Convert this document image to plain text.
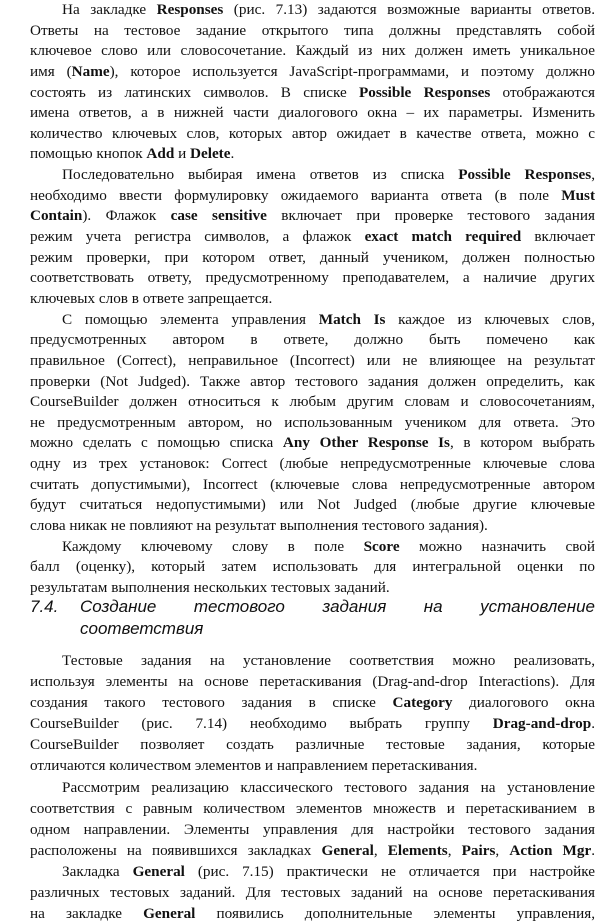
На закладке Responses (рис. 7.13) задаются возможные варианты ответов.
Ответы на тестовое задание открытого типа должны представлять собой
ключевое слово или словосочетание. Каждый из них должен иметь уникальное
имя (Name), которое используется JavaScript-программами, и поэтому должно
состоять из латинских символов. В списке Possible Responses отображаются
имена ответов, а в нижней части диалогового окна – их параметры. Изменить
количество ключевых слов, которых автор ожидает в качестве ответа, можно с
помощью кнопок Add и Delete.
Последовательно выбирая имена ответов из списка Possible Responses,
необходимо ввести формулировку ожидаемого варианта ответа (в поле Must
Contain). Флажок case sensitive включает при проверке тестового задания
режим учета регистра символов, а флажок exact match required включает
режим проверки, при котором ответ, данный учеником, должен полностью
соответствовать ответу, предусмотренному преподавателем, а наличие других
ключевых слов в ответе запрещается.
С помощью элемента управления Match Is каждое из ключевых слов,
предусмотренных автором в ответе, должно быть помечено как
правильное (Correct), неправильное (Incorrect) или не влияющее на результат
проверки (Not Judged). Также автор тестового задания должен определить, как
CourseBuilder должен относиться к любым другим словам и словосочетаниям,
не предусмотренным автором, но использованным учеником для ответа. Это
можно сделать с помощью списка Any Other Response Is, в котором выбрать
одну из трех установок: Correct (любые непредусмотренные ключевые слова
считать допустимыми), Incorrect (ключевые слова непредусмотренные автором
будут считаться недопустимыми) или Not Judged (любые другие ключевые
слова никак не повлияют на результат выполнения тестового задания).
Каждому ключевому слову в поле Score можно назначить свой
балл (оценку), который затем использовать для интегральной оценки по
результатам выполнения нескольких тестовых заданий.
7.4. Создание тестового задания на установление
соответствия
Тестовые задания на установление соответствия можно реализовать,
используя элементы на основе перетаскивания (Drag-and-drop Interactions). Для
создания такого тестового задания в списке Category диалогового окна
CourseBuilder (рис. 7.14) необходимо выбрать группу Drag-and-drop.
CourseBuilder позволяет создать различные тестовые задания, которые
отличаются количеством элементов и направлением перетаскивания.
Рассмотрим реализацию классического тестового задания на установление
соответствия с равным количеством элементов множеств и перетаскиванием в
одном направлении. Элементы управления для настройки тестового задания
расположены на появившихся закладках General, Elements, Pairs, Action Mgr.
Закладка General (рис. 7.15) практически не отличается при настройке
различных тестовых заданий. Для тестовых заданий на основе перетаскивания
на закладке General появились дополнительные элементы управления,
